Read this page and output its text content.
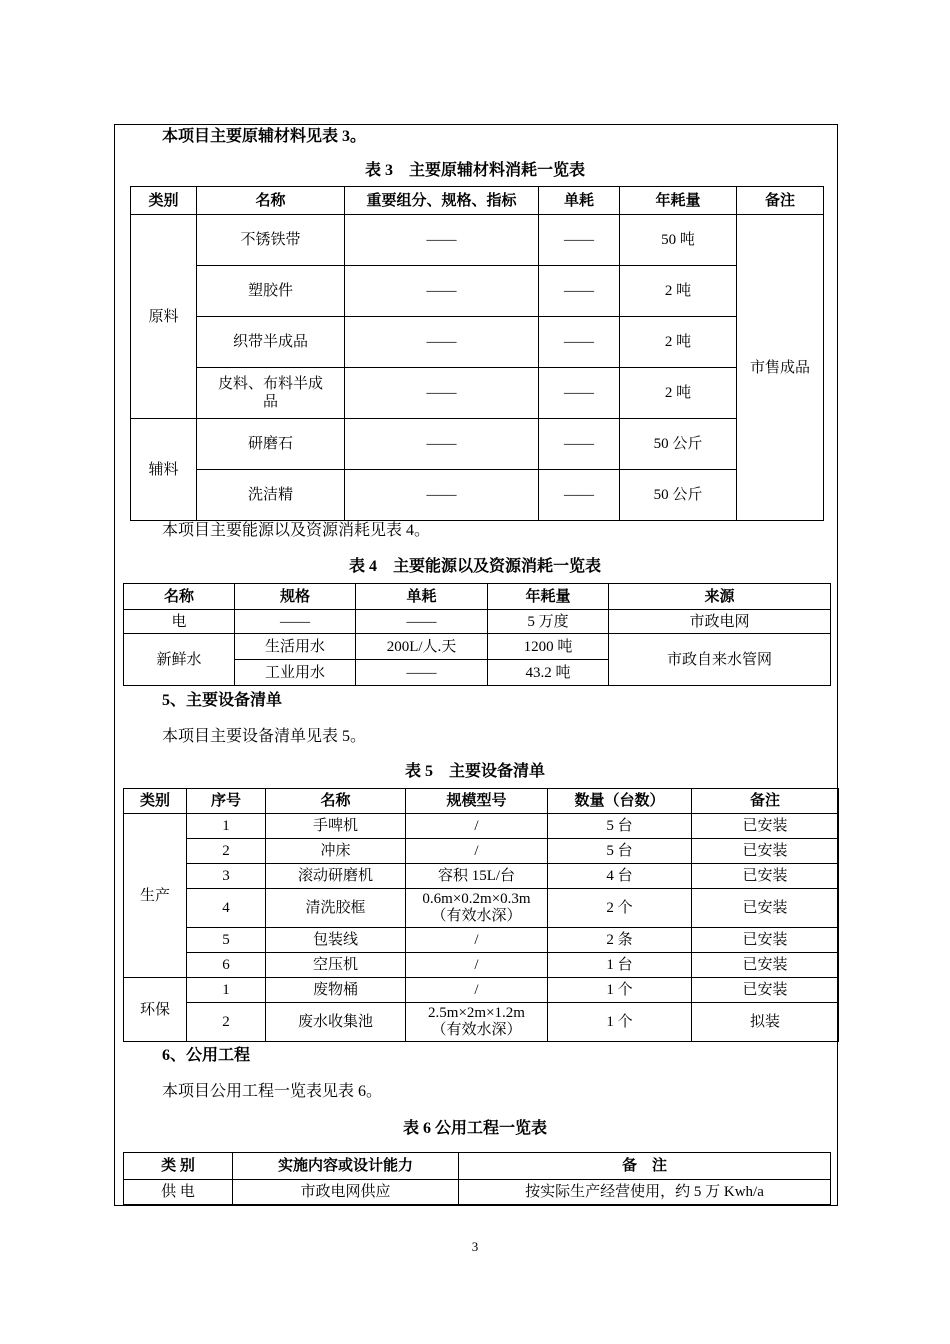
本项目主要原辅材料见表 3。
表 3　主要原辅材料消耗一览表
类别	名称	重要组分、规格、指标	单耗	年耗量	备注
原料	不锈铁带	——	——	50 吨	市售成品
	塑胶件	——	——	2 吨	
	织带半成品	——	——	2 吨	
	皮料、布料半成品	——	——	2 吨	
辅料	研磨石	——	——	50 公斤	
	洗洁精	——	——	50 公斤	
本项目主要能源以及资源消耗见表 4。
表 4　主要能源以及资源消耗一览表
名称	规格	单耗	年耗量	来源
电	——	——	5 万度	市政电网
新鲜水	生活用水	200L/人.天	1200 吨	市政自来水管网
	工业用水	——	43.2 吨	
5、主要设备清单
本项目主要设备清单见表 5。
表 5　主要设备清单
类别	序号	名称	规模型号	数量（台数）	备注
生产	1	手啤机	/	5 台	已安装
	2	冲床	/	5 台	已安装
	3	滚动研磨机	容积 15L/台	4 台	已安装
	4	清洗胶框	0.6m×0.2m×0.3m
（有效水深）	2 个	已安装
	5	包装线	/	2 条	已安装
	6	空压机	/	1 台	已安装
环保	1	废物桶	/	1 个	已安装
	2	废水收集池	2.5m×2m×1.2m
（有效水深）	1 个	拟装
6、公用工程
本项目公用工程一览表见表 6。
表 6 公用工程一览表
类 别	实施内容或设计能力	备　注
供 电	市政电网供应	按实际生产经营使用，约 5 万 Kwh/a
3
